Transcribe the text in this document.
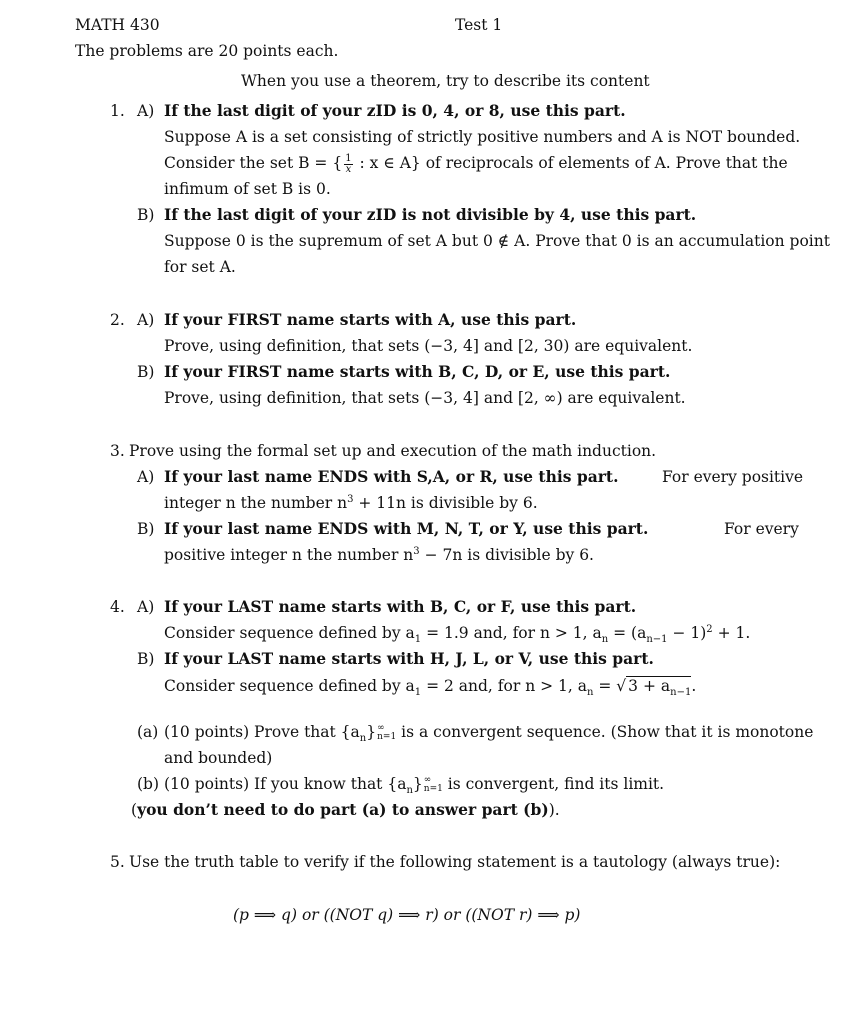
MATH 430	Test 1
The problems are 20 points each.
When you use a theorem, try to describe its content
1. A) If the last digit of your zID is 0, 4, or 8, use this part.
Suppose A is a set consisting of strictly positive numbers and A is NOT bounded.
Consider the set B = { $\frac{1}{x}$ : x ∈ A} of reciprocals of elements of A. Prove that the
infimum of set B is 0.
B) If the last digit of your zID is not divisible by 4, use this part.
Suppose 0 is the supremum of set A but 0 ∉ A. Prove that 0 is an accumulation point
for set A.
2. A) If your FIRST name starts with A, use this part.
Prove, using definition, that sets (−3, 4] and [2, 30) are equivalent.
B) If your FIRST name starts with B, C, D, or E, use this part.
Prove, using definition, that sets (−3, 4] and [2, ∞) are equivalent.
3. Prove using the formal set up and execution of the math induction.
A) If your last name ENDS with S,A, or R, use this part.	For every positive
integer n the number $n^3 + 11n$ is divisible by 6.
B) If your last name ENDS with M, N, T, or Y, use this part.	For every
positive integer n the number $n^3 - 7n$ is divisible by 6.
4. A) If your LAST name starts with B, C, or F, use this part.
Consider sequence defined by $a_1 = 1.9$ and, for n > 1, $a_n = (a_{n-1} - 1)^2 + 1$.
B) If your LAST name starts with H, J, L, or V, use this part.
Consider sequence defined by $a_1 = 2$ and, for n > 1, $a_n$ = √ $3 + a_{n-1}$.
(a) (10 points) Prove that $\{a_n\}$ ∞
n=1 is a convergent sequence. (Show that it is monotone
and bounded)
(b) (10 points) If you know that $\{a_n\}$ ∞
n=1 is convergent, find its limit.
(you don’t need to do part (a) to answer part (b)).
5. Use the truth table to verify if the following statement is a tautology (always true):
(p ⟹ q) or ((NOT q) ⟹ r) or ((NOT r) ⟹ p)
